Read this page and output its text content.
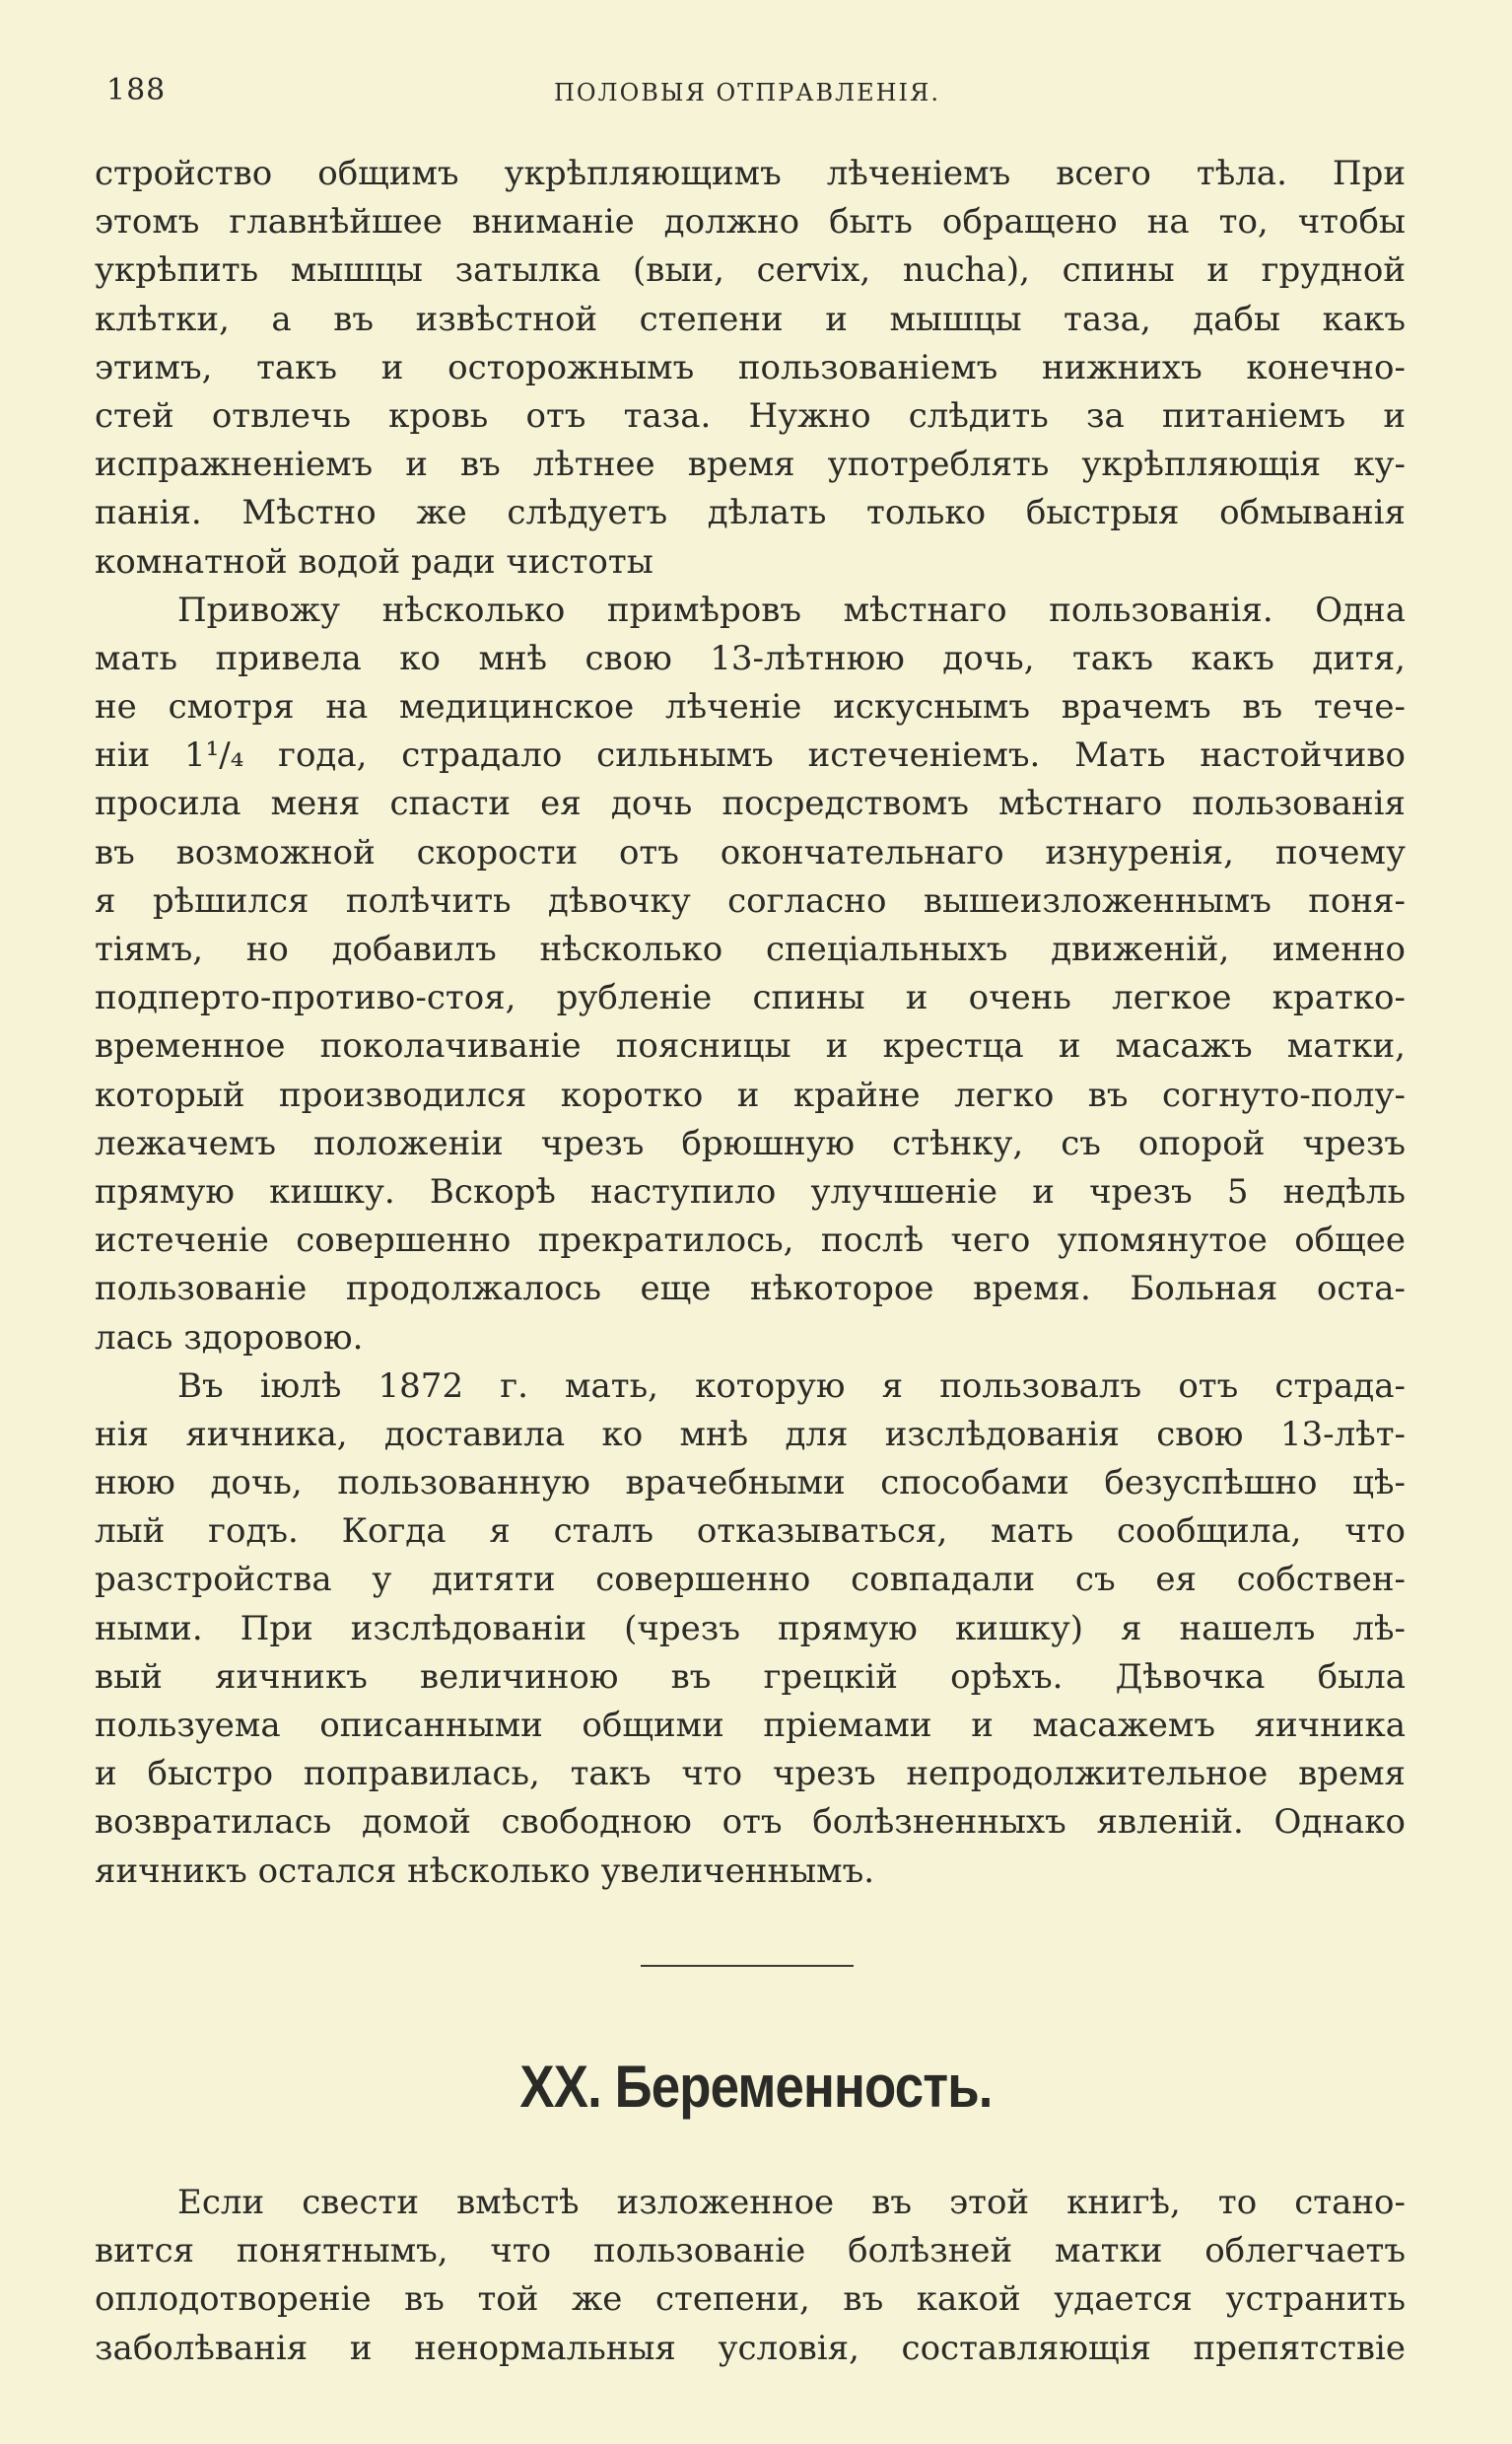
188	ПОЛОВЫЯ ОТПРАВЛЕНIЯ.
стройство общимъ укрѣпляющимъ лѣченiемъ всего тѣла. При
этомъ главнѣйшее вниманiе должно быть обращено на то, чтобы
укрѣпить мышцы затылка (выи, cervix, nucha), спины и грудной
клѣтки, а въ извѣстной степени и мышцы таза, дабы какъ
этимъ, такъ и осторожнымъ пользованiемъ нижнихъ конечно-
стей отвлечь кровь отъ таза. Нужно слѣдить за питанiемъ и
испражненiемъ и въ лѣтнее время употреблять укрѣпляющiя ку-
панiя. Мѣстно же слѣдуетъ дѣлать только быстрыя обмыванiя
комнатной водой ради чистоты
Привожу нѣсколько примѣровъ мѣстнаго пользованiя. Одна
мать привела ко мнѣ свою 13-лѣтнюю дочь, такъ какъ дитя,
не смотря на медицинское лѣченiе искуснымъ врачемъ въ тече-
нiи 1¹/₄ года, страдало сильнымъ истеченiемъ. Мать настойчиво
просила меня спасти ея дочь посредствомъ мѣстнаго пользованiя
въ возможной скорости отъ окончательнаго изнуренiя, почему
я рѣшился полѣчить дѣвочку согласно вышеизложеннымъ поня-
тiямъ, но добавилъ нѣсколько спецiальныхъ движенiй, именно
подперто-противо-стоя, рубленiе спины и очень легкое кратко-
временное поколачиванiе поясницы и крестца и масажъ матки,
который производился коротко и крайне легко въ согнуто-полу-
лежачемъ положенiи чрезъ брюшную стѣнку, съ опорой чрезъ
прямую кишку. Вскорѣ наступило улучшенiе и чрезъ 5 недѣль
истеченiе совершенно прекратилось, послѣ чего упомянутое общее
пользованiе продолжалось еще нѣкоторое время. Больная оста-
лась здоровою.
Въ iюлѣ 1872 г. мать, которую я пользовалъ отъ страда-
нiя яичника, доставила ко мнѣ для изслѣдованiя свою 13-лѣт-
нюю дочь, пользованную врачебными способами безуспѣшно цѣ-
лый годъ. Когда я сталъ отказываться, мать сообщила, что
разстройства у дитяти совершенно совпадали съ ея собствен-
ными. При изслѣдованiи (чрезъ прямую кишку) я нашелъ лѣ-
вый яичникъ величиною въ грецкiй орѣхъ. Дѣвочка была
пользуема описанными общими прiемами и масажемъ яичника
и быстро поправилась, такъ что чрезъ непродолжительное время
возвратилась домой свободною отъ болѣзненныхъ явленiй. Однако
яичникъ остался нѣсколько увеличеннымъ.
XX. Беременность.
Если свести вмѣстѣ изложенное въ этой книгѣ, то стано-
вится понятнымъ, что пользованiе болѣзней матки облегчаетъ
оплодотворенiе въ той же степени, въ какой удается устранить
заболѣванiя и ненормальныя условiя, составляющiя препятствiе
